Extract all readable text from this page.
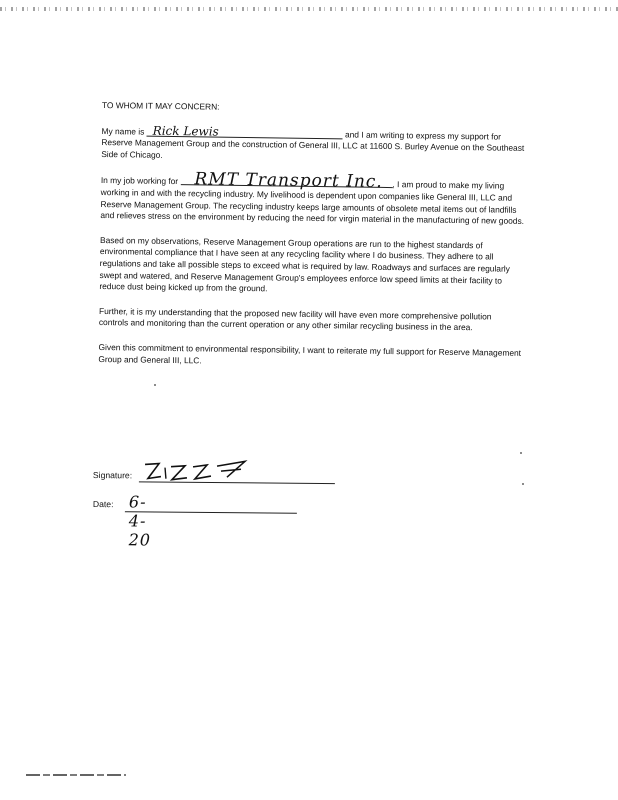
TO WHOM IT MAY CONCERN:

My name is Rick Lewis	and I am writing to express my support for Reserve Management Group and the construction of General III, LLC at 11600 S. Burley Avenue on the Southeast Side of Chicago.

In my job working for RMT Transport Inc. , I am proud to make my living working in and with the recycling industry. My livelihood is dependent upon companies like General III, LLC and Reserve Management Group. The recycling industry keeps large amounts of obsolete metal items out of landfills and relieves stress on the environment by reducing the need for virgin material in the manufacturing of new goods.

Based on my observations, Reserve Management Group operations are run to the highest standards of environmental compliance that I have seen at any recycling facility where I do business. They adhere to all regulations and take all possible steps to exceed what is required by law. Roadways and surfaces are regularly swept and watered, and Reserve Management Group's employees enforce low speed limits at their facility to reduce dust being kicked up from the ground.

Further, it is my understanding that the proposed new facility will have even more comprehensive pollution controls and monitoring than the current operation or any other similar recycling business in the area.

Given this commitment to environmental responsibility, I want to reiterate my full support for Reserve Management Group and General III, LLC.

Signature:
Date: 6-4-20
